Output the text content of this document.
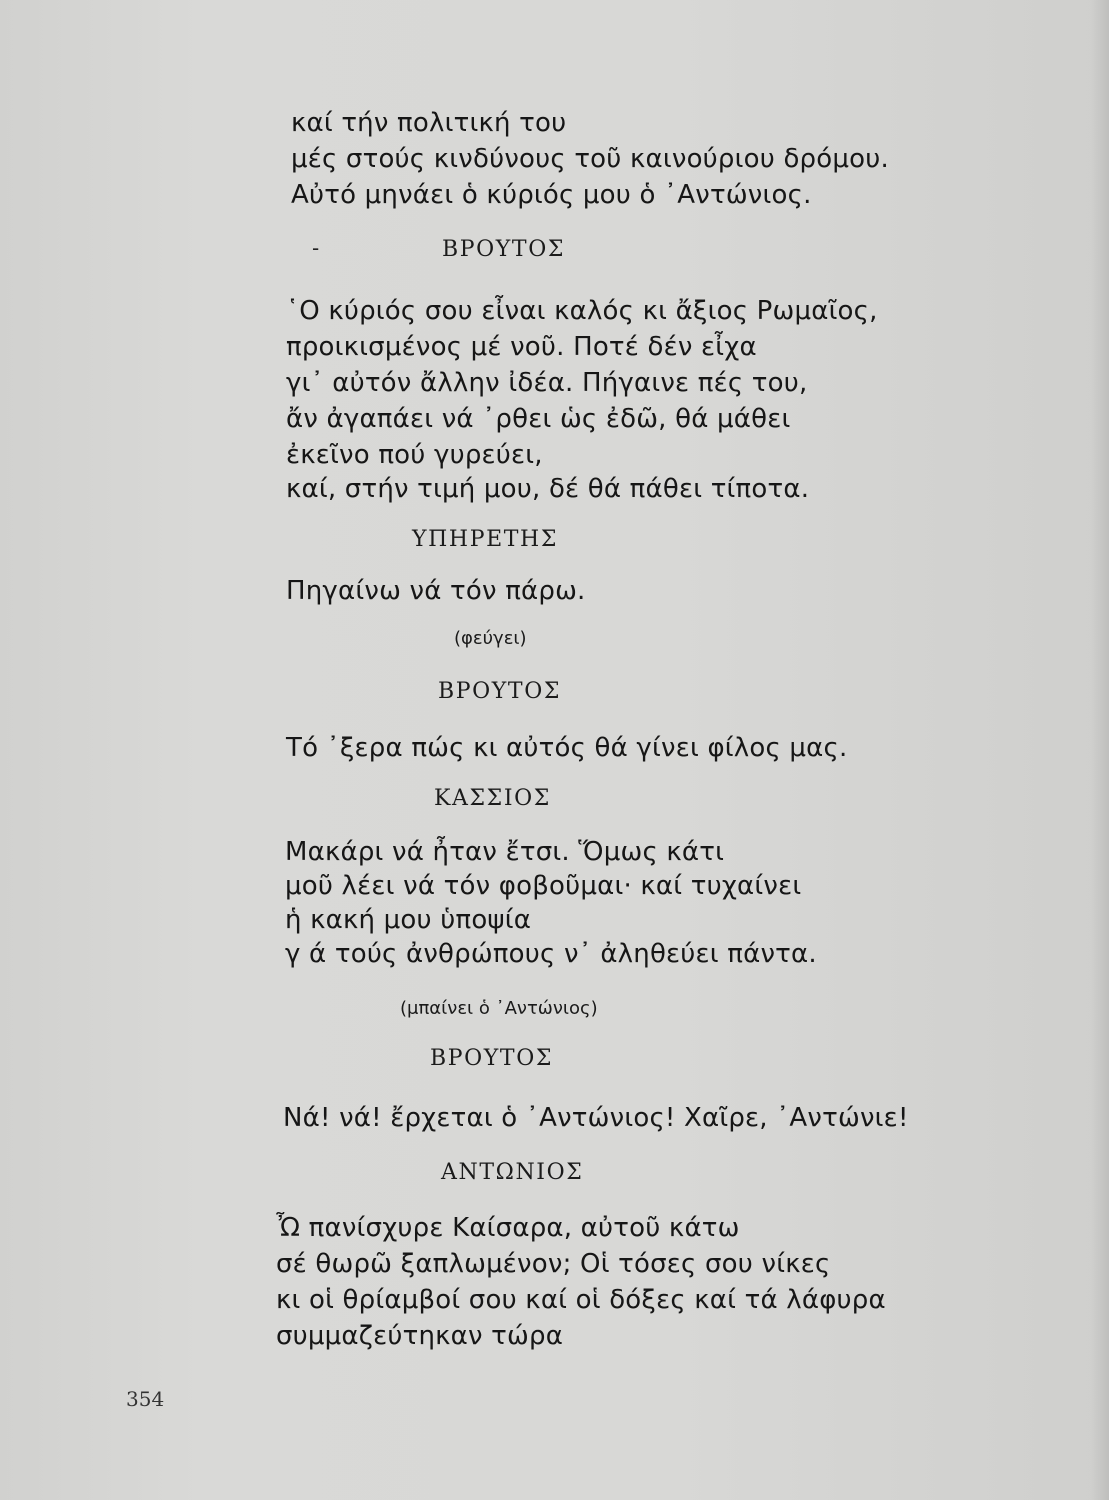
καί τήν πολιτική του
μές στούς κινδύνους τοῦ καινούριου δρόμου.
Αὐτό μηνάει ὁ κύριός μου ὁ ᾿Αντώνιος.
-	ΒΡΟΥΤΟΣ
῾Ο κύριός σου εἶναι καλός κι ἄξιος Ρωμαῖος,
προικισμένος μέ νοῦ. Ποτέ δέν εἶχα
γι᾿ αὐτόν ἄλλην ἰδέα. Πήγαινε πές του,
ἄν ἀγαπάει νά ᾿ρθει ὡς ἐδῶ, θά μάθει
ἐκεῖνο πού γυρεύει,
καί, στήν τιμή μου, δέ θά πάθει τίποτα.
ΥΠΗΡΕΤΗΣ
Πηγαίνω νά τόν πάρω.
(φεύγει)
ΒΡΟΥΤΟΣ
Τό ᾿ξερα πώς κι αὐτός θά γίνει φίλος μας.
ΚΑΣΣΙΟΣ
Μακάρι νά ἦταν ἔτσι. Ὅμως κάτι
μοῦ λέει νά τόν φοβοῦμαι· καί τυχαίνει
ἡ κακή μου ὑποψία
γ ά τούς ἀνθρώπους ν᾿ ἀληθεύει πάντα.
(μπαίνει ὁ ᾿Αντώνιος)
ΒΡΟΥΤΟΣ
Νά! νά! ἔρχεται ὁ ᾿Αντώνιος! Χαῖρε, ᾿Αντώνιε!
ΑΝΤΩΝΙΟΣ
Ὦ πανίσχυρε Καίσαρα, αὐτοῦ κάτω
σέ θωρῶ ξαπλωμένον; Οἱ τόσες σου νίκες
κι οἱ θρίαμβοί σου καί οἱ δόξες καί τά λάφυρα
συμμαζεύτηκαν τώρα
354
